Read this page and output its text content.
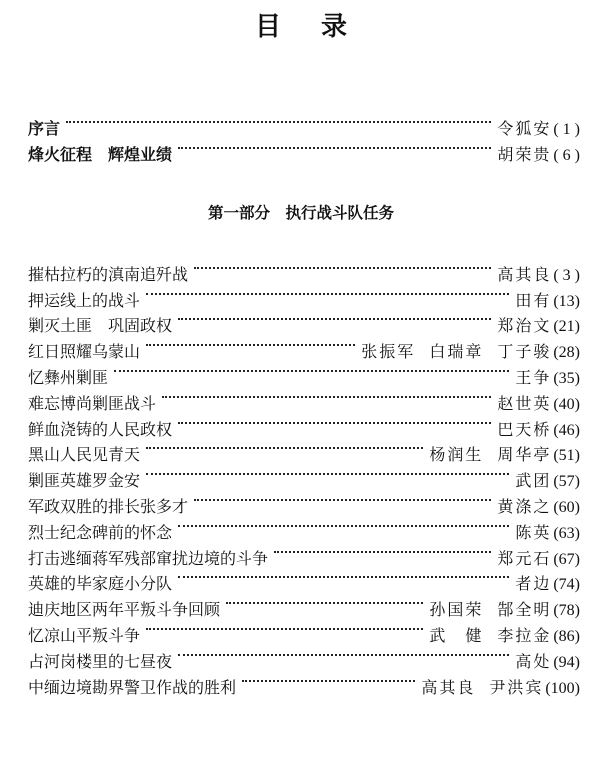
目 录
序言	令狐安 ( 1 )
烽火征程　辉煌业绩	胡荣贵 ( 6 )
第一部分　执行战斗队任务
摧枯拉朽的滇南追歼战	高其良 ( 3 )
押运线上的战斗	田有 (13)
剿灭土匪　巩固政权	郑治文 (21)
红日照耀乌蒙山	张振军 白瑞章 丁子骏 (28)
忆彝州剿匪	王争 (35)
难忘博尚剿匪战斗	赵世英 (40)
鲜血浇铸的人民政权	巴天桥 (46)
黑山人民见青天	杨润生 周华亭 (51)
剿匪英雄罗金安	武团 (57)
军政双胜的排长张多才	黄涤之 (60)
烈士纪念碑前的怀念	陈英 (63)
打击逃缅蒋军残部窜扰边境的斗争	郑元石 (67)
英雄的毕家庭小分队	者边 (74)
迪庆地区两年平叛斗争回顾	孙国荣 郜全明 (78)
忆凉山平叛斗争	武　健 李拉金 (86)
占河岗楼里的七昼夜	高处 (94)
中缅边境勘界警卫作战的胜利	高其良 尹洪宾 (100)
